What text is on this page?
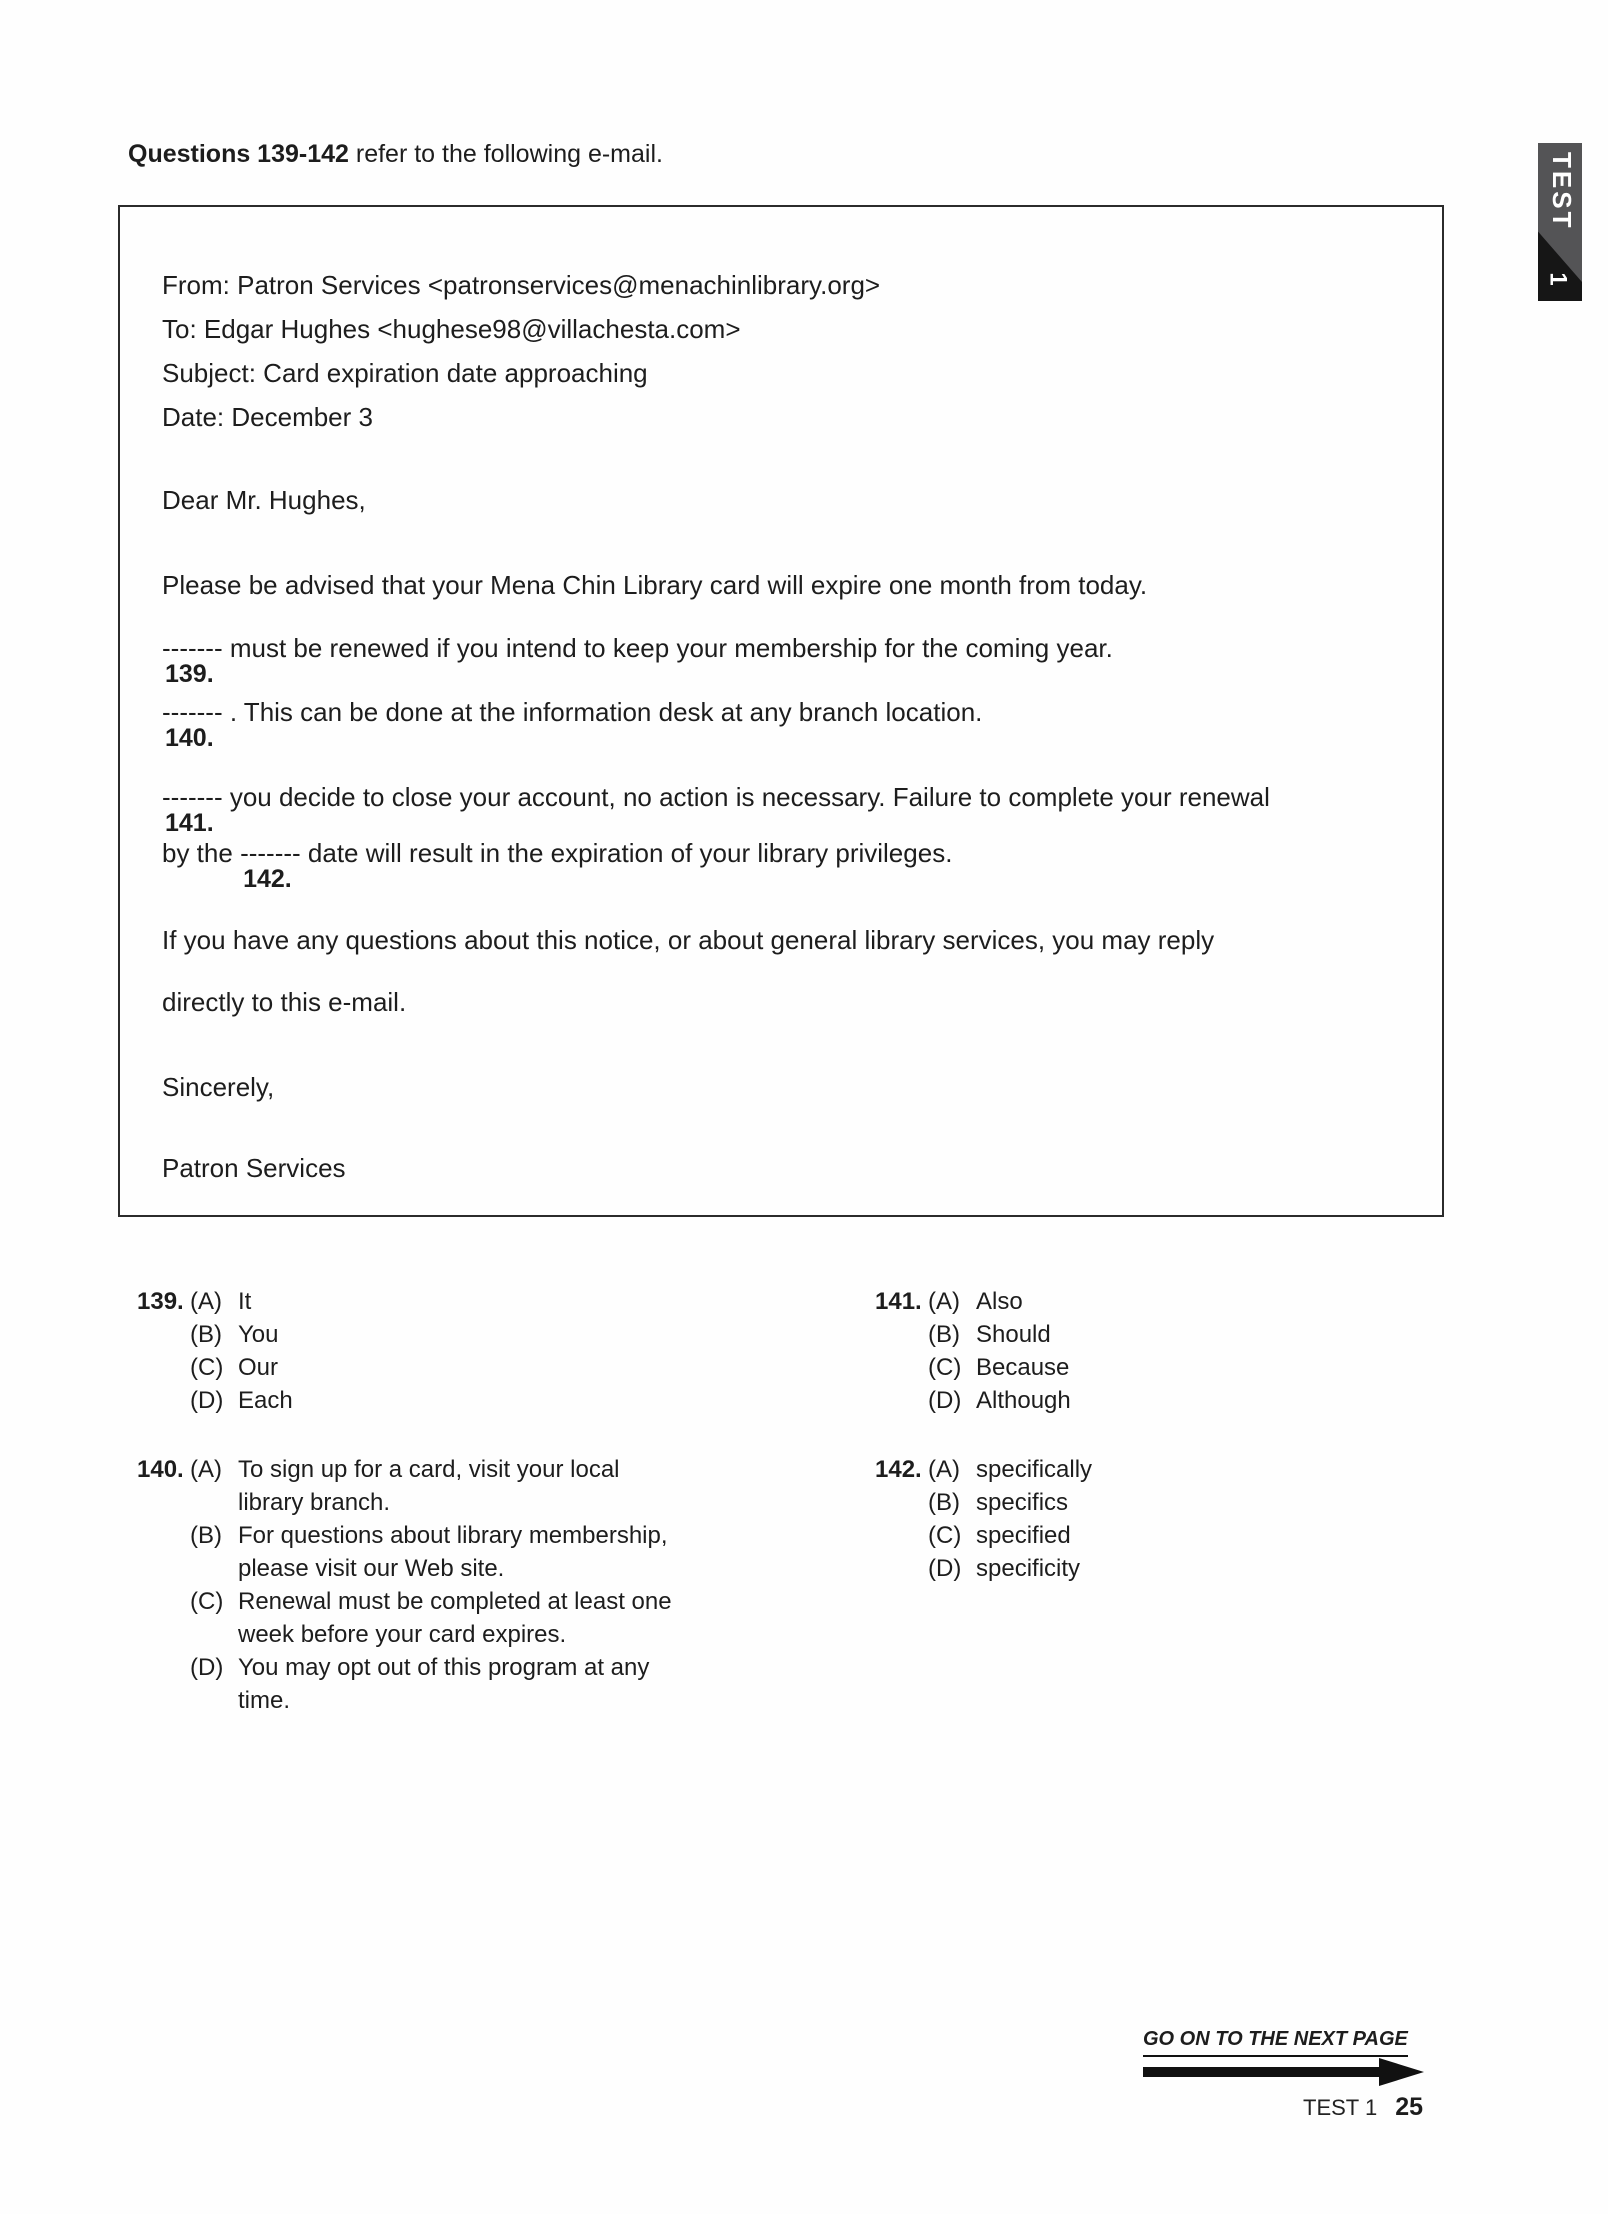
Questions 139-142 refer to the following e-mail.	TEST
1
From: Patron Services <patronservices@menachinlibrary.org>
To: Edgar Hughes <hughese98@villachesta.com>
Subject: Card expiration date approaching
Date: December 3

Dear Mr. Hughes,

Please be advised that your Mena Chin Library card will expire one month from today.

-------
139.
must be renewed if you intend to keep your membership for the coming year.

-------
140.
. This can be done at the information desk at any branch location.

-------
141.
you decide to close your account, no action is necessary. Failure to complete your renewal
by the -------
142.
date will result in the expiration of your library privileges.

If you have any questions about this notice, or about general library services, you may reply
directly to this e-mail.

Sincerely,

Patron Services

139. (A) It
(B) You
(C) Our
(D) Each
141. (A) Also
(B) Should
(C) Because
(D) Although
140. (A) To sign up for a card, visit your local library branch.
(B) For questions about library membership, please visit our Web site.
(C) Renewal must be completed at least one week before your card expires.
(D) You may opt out of this program at any time.
142. (A) specifically
(B) specifics
(C) specified
(D) specificity
GO ON TO THE NEXT PAGE
TEST 1 25
